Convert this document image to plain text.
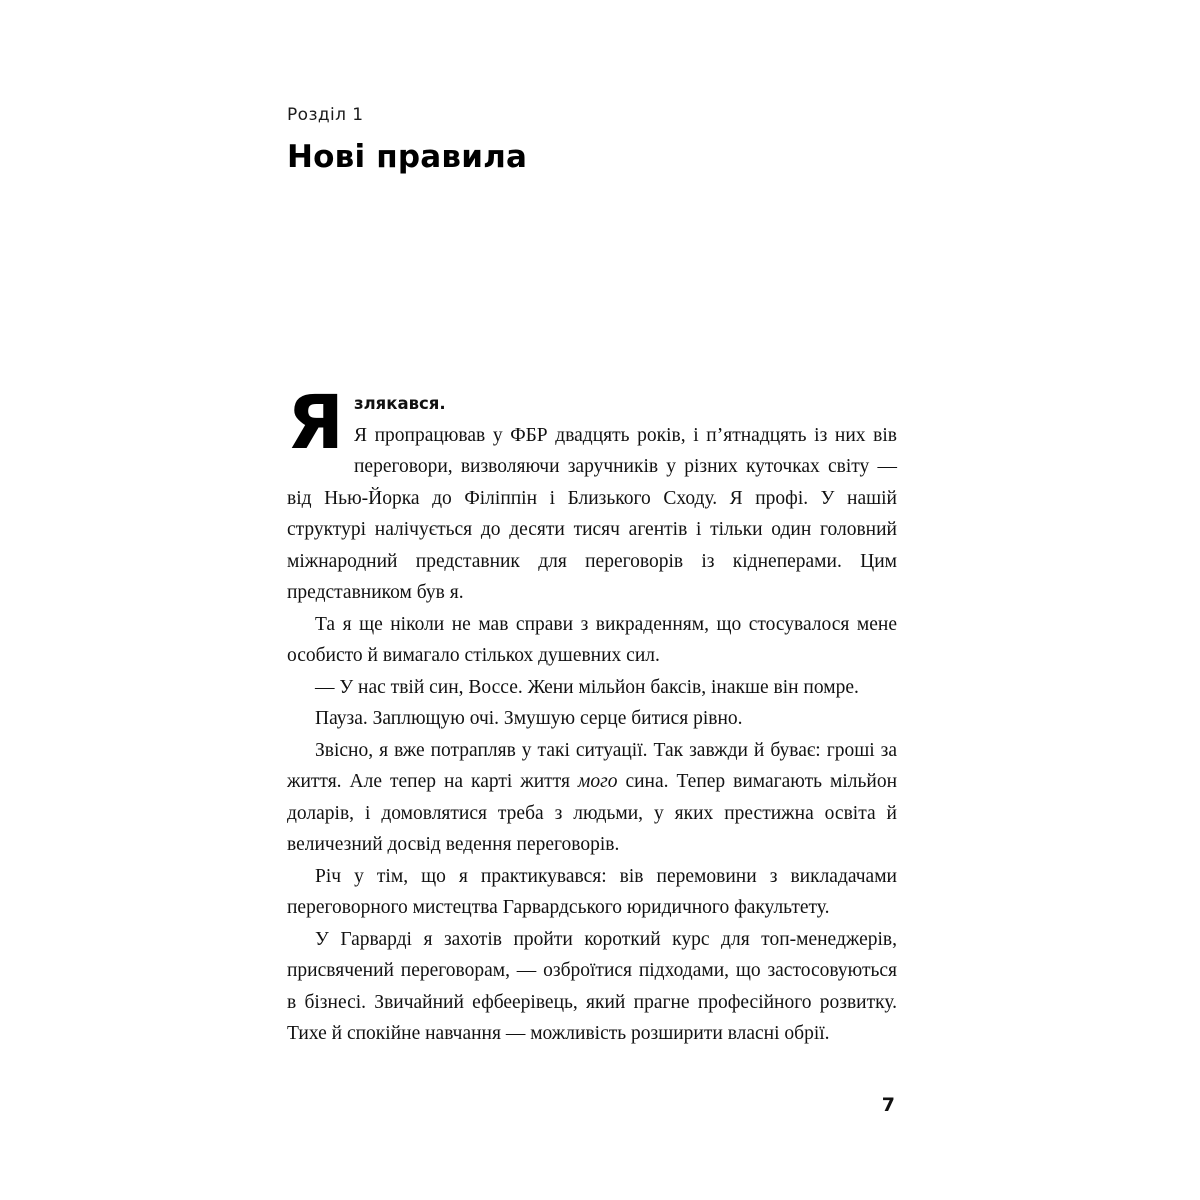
Розділ 1
Нові правила

Язлякався.
Я пропрацював у ФБР двадцять років, і п’ятнадцять із них вів переговори, визволяючи заручників у різних куточках світу — від Нью-Йорка до Філіппін і Близького Сходу. Я профі. У нашій структурі налічується до десяти тисяч агентів і тільки один головний міжнародний представник для переговорів із кіднеперами. Цим представником був я.

Та я ще ніколи не мав справи з викраденням, що стосувалося мене особисто й вимагало стількох душевних сил.

— У нас твій син, Воссе. Жени мільйон баксів, інакше він помре.

Пауза. Заплющую очі. Змушую серце битися рівно.

Звісно, я вже потрапляв у такі ситуації. Так завжди й буває: гроші за життя. Але тепер на карті життя мого сина. Тепер вимагають мільйон доларів, і домовлятися треба з людьми, у яких престижна освіта й величезний досвід ведення переговорів.

Річ у тім, що я практикувався: вів перемовини з викладачами переговорного мистецтва Гарвардського юридичного факультету.

У Гарварді я захотів пройти короткий курс для топ-менеджерів, присвячений переговорам, — озброїтися підходами, що застосовуються в бізнесі. Звичайний ефбеерівець, який прагне професійного розвитку. Тихе й спокійне навчання — можливість розширити власні обрії.

7
